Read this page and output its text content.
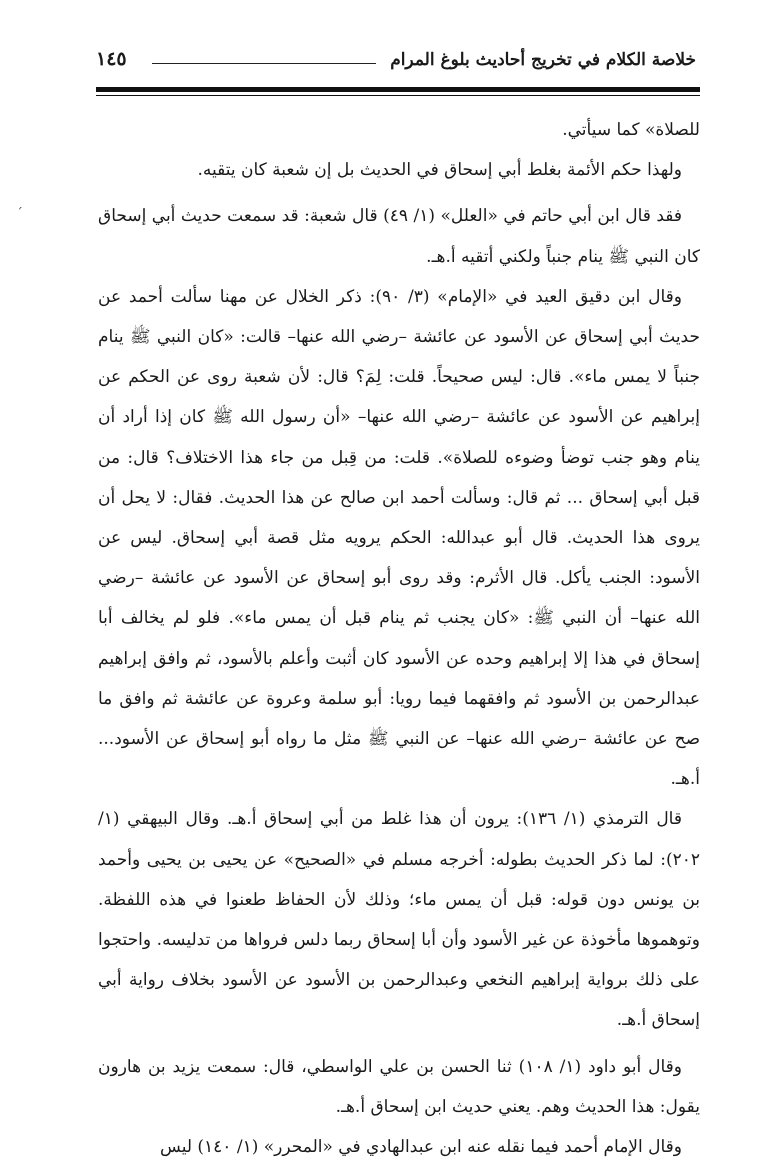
خلاصة الكلام في تخريج أحاديث بلوغ المرام
١٤٥
ˊ

للصلاة» كما سيأتي.

ولهذا حكم الأئمة بغلط أبي إسحاق في الحديث بل إن شعبة كان يتقيه.

فقد قال ابن أبي حاتم في «العلل» (١/ ٤٩) قال شعبة: قد سمعت حديث أبي إسحاق كان النبي ﷺ ينام جنباً ولكني أتقيه أ.هـ.

وقال ابن دقيق العيد في «الإمام» (٣/ ٩٠): ذكر الخلال عن مهنا سألت أحمد عن حديث أبي إسحاق عن الأسود عن عائشة –رضي الله عنها– قالت: «كان النبي ﷺ ينام جنباً لا يمس ماء». قال: ليس صحيحاً. قلت: لِمَ؟ قال: لأن شعبة روى عن الحكم عن إبراهيم عن الأسود عن عائشة –رضي الله عنها– «أن رسول الله ﷺ كان إذا أراد أن ينام وهو جنب توضأ وضوءه للصلاة». قلت: من قِبل من جاء هذا الاختلاف؟ قال: من قبل أبي إسحاق ... ثم قال: وسألت أحمد ابن صالح عن هذا الحديث. فقال: لا يحل أن يروى هذا الحديث. قال أبو عبدالله: الحكم يرويه مثل قصة أبي إسحاق. ليس عن الأسود: الجنب يأكل. قال الأثرم: وقد روى أبو إسحاق عن الأسود عن عائشة –رضي الله عنها– أن النبي ﷺ: «كان يجنب ثم ينام قبل أن يمس ماء». فلو لم يخالف أبا إسحاق في هذا إلا إبراهيم وحده عن الأسود كان أثبت وأعلم بالأسود، ثم وافق إبراهيم عبدالرحمن بن الأسود ثم وافقهما فيما رويا: أبو سلمة وعروة عن عائشة ثم وافق ما صح عن عائشة –رضي الله عنها– عن النبي ﷺ مثل ما رواه أبو إسحاق عن الأسود... أ.هـ.

قال الترمذي (١/ ١٣٦): يرون أن هذا غلط من أبي إسحاق أ.هـ. وقال البيهقي (١/ ٢٠٢): لما ذكر الحديث بطوله: أخرجه مسلم في «الصحيح» عن يحيى بن يحيى وأحمد بن يونس دون قوله: قبل أن يمس ماء؛ وذلك لأن الحفاظ طعنوا في هذه اللفظة. وتوهموها مأخوذة عن غير الأسود وأن أبا إسحاق ربما دلس فرواها من تدليسه. واحتجوا على ذلك برواية إبراهيم النخعي وعبدالرحمن بن الأسود عن الأسود بخلاف رواية أبي إسحاق أ.هـ.

وقال أبو داود (١/ ١٠٨) ثنا الحسن بن علي الواسطي، قال: سمعت يزيد بن هارون يقول: هذا الحديث وهم. يعني حديث ابن إسحاق أ.هـ.

وقال الإمام أحمد فيما نقله عنه ابن عبدالهادي في «المحرر» (١/ ١٤٠) ليس
